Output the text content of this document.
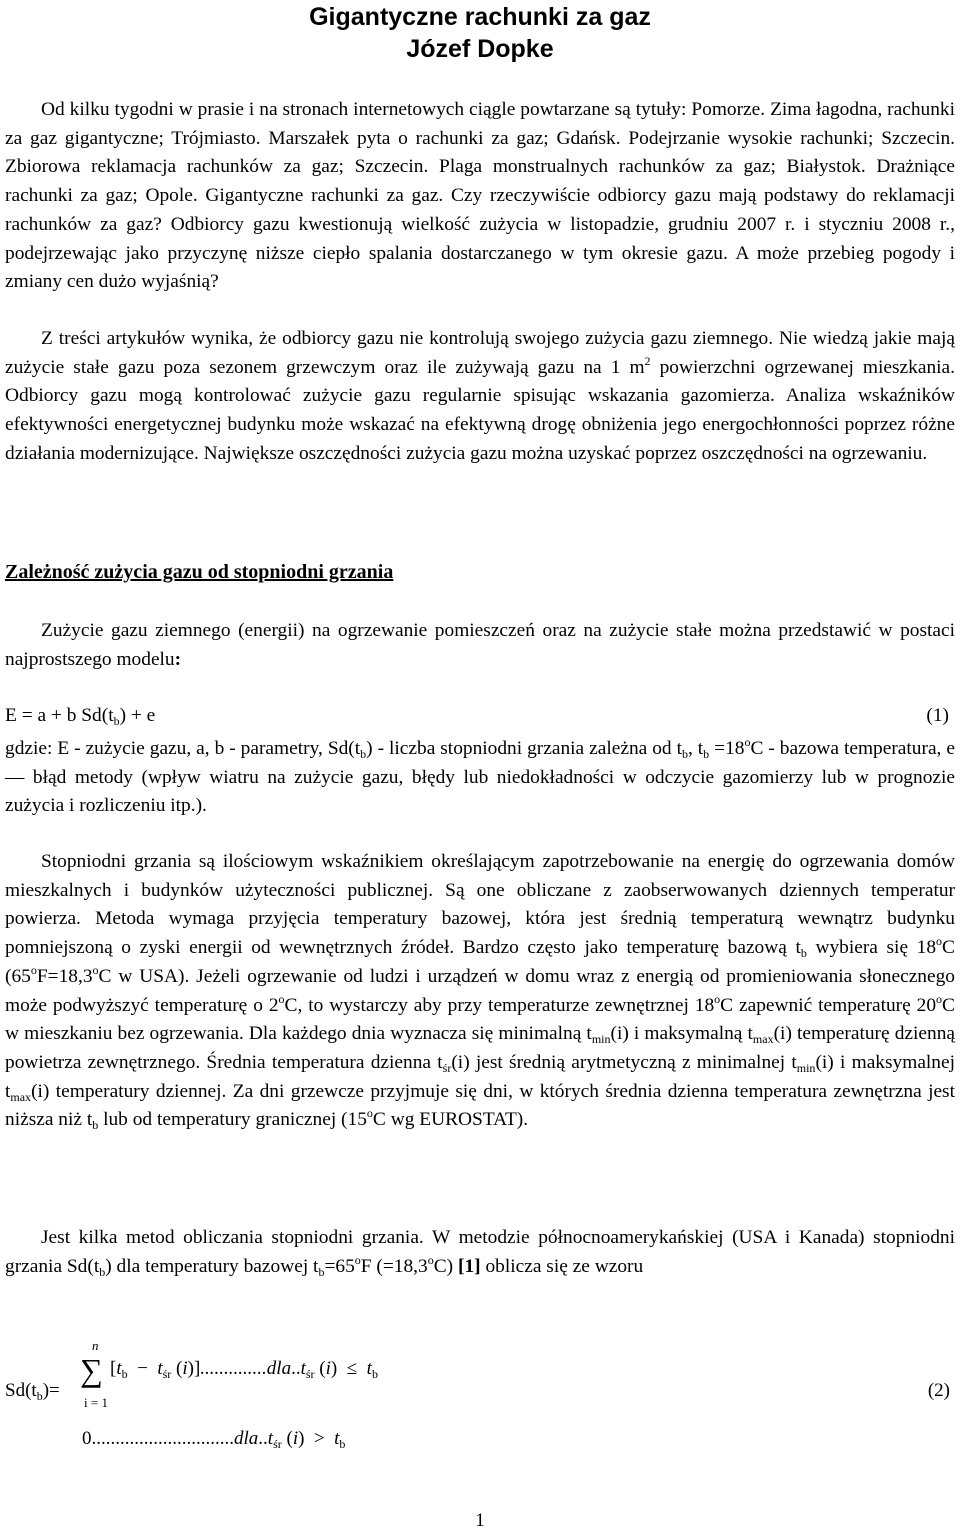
Gigantyczne rachunki za gaz
Józef Dopke

Od kilku tygodni w prasie i na stronach internetowych ciągle powtarzane są tytuły: Pomorze. Zima łagodna, rachunki za gaz gigantyczne; Trójmiasto. Marszałek pyta o rachunki za gaz; Gdańsk. Podejrzanie wysokie rachunki; Szczecin. Zbiorowa reklamacja rachunków za gaz; Szczecin. Plaga monstrualnych rachunków za gaz; Białystok. Drażniące rachunki za gaz; Opole. Gigantyczne rachunki za gaz. Czy rzeczywiście odbiorcy gazu mają podstawy do reklamacji rachunków za gaz? Odbiorcy gazu kwestionują wielkość zużycia w listopadzie, grudniu 2007 r. i styczniu 2008 r., podejrzewając jako przyczynę niższe ciepło spalania dostarczanego w tym okresie gazu. A może przebieg pogody i zmiany cen dużo wyjaśnią?

Z treści artykułów wynika, że odbiorcy gazu nie kontrolują swojego zużycia gazu ziemnego. Nie wiedzą jakie mają zużycie stałe gazu poza sezonem grzewczym oraz ile zużywają gazu na 1 $m^2$ powierzchni ogrzewanej mieszkania. Odbiorcy gazu mogą kontrolować zużycie gazu regularnie spisując wskazania gazomierza. Analiza wskaźników efektywności energetycznej budynku może wskazać na efektywną drogę obniżenia jego energochłonności poprzez różne działania modernizujące. Największe oszczędności zużycia gazu można uzyskać poprzez oszczędności na ogrzewaniu.

Zależność zużycia gazu od stopniodni grzania

Zużycie gazu ziemnego (energii) na ogrzewanie pomieszczeń oraz na zużycie stałe można przedstawić w postaci najprostszego modelu:

E = a + b $Sd(t_b) + e$	(1)

gdzie: E - zużycie gazu, a, b - parametry, $Sd(t_b)$ - liczba stopniodni grzania zależna od $t_b$, $t_b =18^oC$ - bazowa temperatura, e — błąd metody (wpływ wiatru na zużycie gazu, błędy lub niedokładności w odczycie gazomierzy lub w prognozie zużycia i rozliczeniu itp.).

Stopniodni grzania są ilościowym wskaźnikiem określającym zapotrzebowanie na energię do ogrzewania domów mieszkalnych i budynków użyteczności publicznej. Są one obliczane z zaobserwowanych dziennych temperatur powierza. Metoda wymaga przyjęcia temperatury bazowej, która jest średnią temperaturą wewnątrz budynku pomniejszoną o zyski energii od wewnętrznych źródeł. Bardzo często jako temperaturę bazową $t_b$ wybiera się 18$^o$C ($65^oF=18,3^oC$ w USA). Jeżeli ogrzewanie od ludzi i urządzeń w domu wraz z energią od promieniowania słonecznego może podwyższyć temperaturę o 2$^o$C, to wystarczy aby przy temperaturze zewnętrznej 18$^o$C zapewnić temperaturę 20$^o$C w mieszkaniu bez ogrzewania. Dla każdego dnia wyznacza się minimalną $t_{min}(i)$ i maksymalną $t_{max}(i)$ temperaturę dzienną powietrza zewnętrznego. Średnia temperatura dzienna $t_{śr}(i)$ jest średnią arytmetyczną z minimalnej $t_{min}(i)$ i maksymalnej $t_{max}(i)$ temperatury dziennej. Za dni grzewcze przyjmuje się dni, w których średnia dzienna temperatura zewnętrzna jest niższa niż $t_b$ lub od temperatury granicznej (15$^o$C wg EUROSTAT).

Jest kilka metod obliczania stopniodni grzania. W metodzie północnoamerykańskiej (USA i Kanada) stopniodni grzania $Sd(t_b)$ dla temperatury bazowej $t_b=65^oF$ $(=18,3^oC)$ [1] oblicza się ze wzoru

$Sd(t_b)=$
n
∑
i = 1
[$t_b - t_{śr}$ $(i)]..............dla..t_{śr}$ $(i) \le t_b$
$0..............................dla..t_{śr}$ $(i) > t_b$
(2)
1
